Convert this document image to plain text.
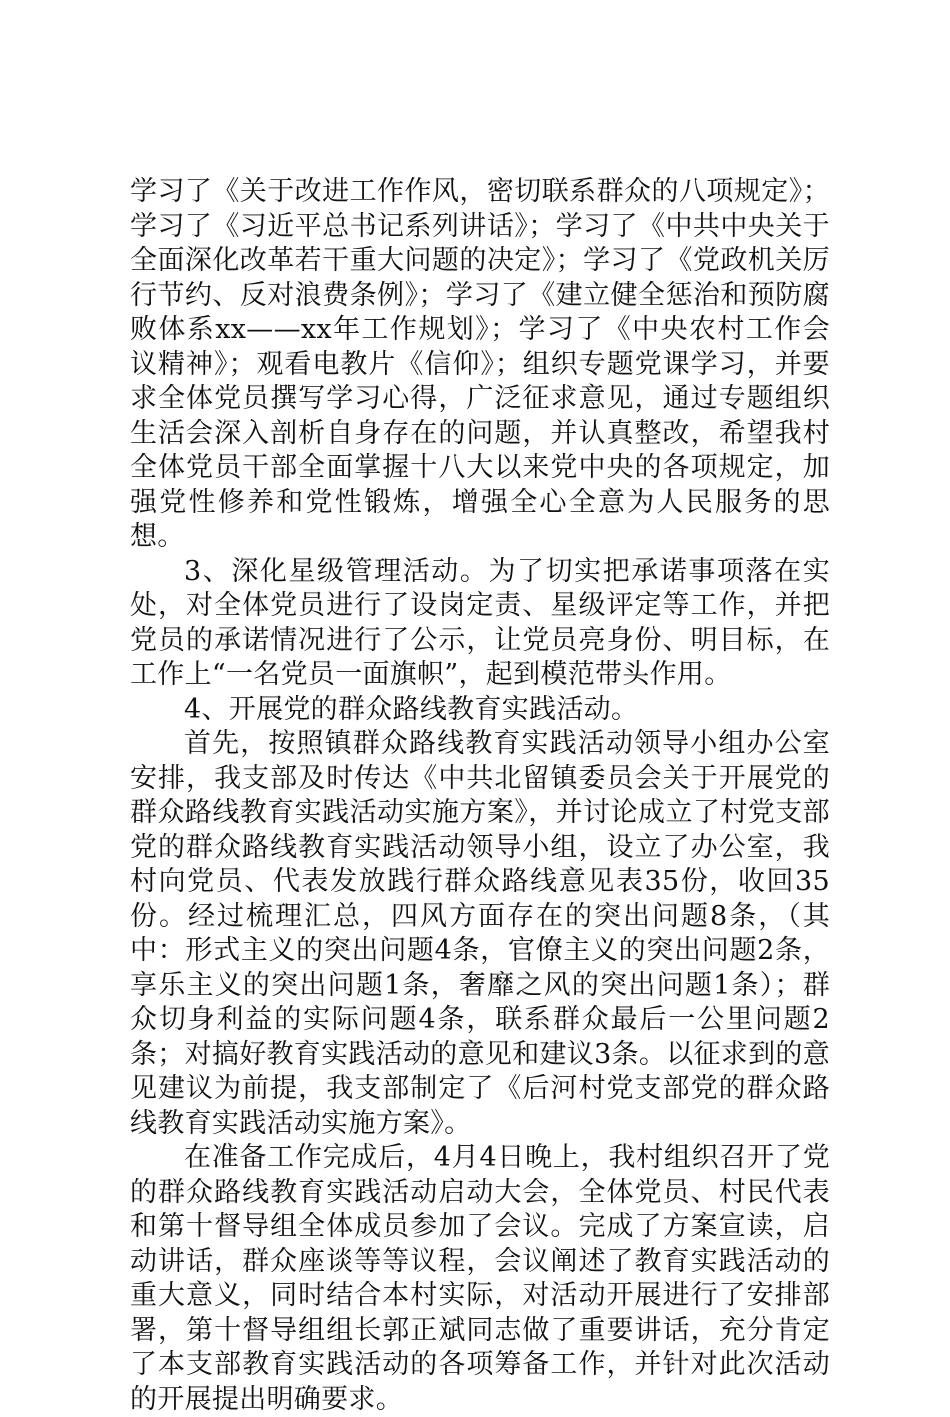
学习了《关于改进工作作风，密切联系群众的八项规定》；学习了《习近平总书记系列讲话》；学习了《中共中央关于全面深化改革若干重大问题的决定》；学习了《党政机关厉行节约、反对浪费条例》；学习了《建立健全惩治和预防腐败体系xx——xx年工作规划》；学习了《中央农村工作会议精神》；观看电教片《信仰》；组织专题党课学习，并要求全体党员撰写学习心得，广泛征求意见，通过专题组织生活会深入剖析自身存在的问题，并认真整改，希望我村全体党员干部全面掌握十八大以来党中央的各项规定，加强党性修养和党性锻炼，增强全心全意为人民服务的思想。

3、深化星级管理活动。为了切实把承诺事项落在实处，对全体党员进行了设岗定责、星级评定等工作，并把党员的承诺情况进行了公示，让党员亮身份、明目标，在工作上“一名党员一面旗帜”，起到模范带头作用。

4、开展党的群众路线教育实践活动。

首先，按照镇群众路线教育实践活动领导小组办公室安排，我支部及时传达《中共北留镇委员会关于开展党的群众路线教育实践活动实施方案》，并讨论成立了村党支部党的群众路线教育实践活动领导小组，设立了办公室，我村向党员、代表发放践行群众路线意见表35份，收回35份。经过梳理汇总，四风方面存在的突出问题8条，（其中：形式主义的突出问题4条，官僚主义的突出问题2条，享乐主义的突出问题1条，奢靡之风的突出问题1条）；群众切身利益的实际问题4条，联系群众最后一公里问题2条；对搞好教育实践活动的意见和建议3条。以征求到的意见建议为前提，我支部制定了《后河村党支部党的群众路线教育实践活动实施方案》。

在准备工作完成后，4月4日晚上，我村组织召开了党的群众路线教育实践活动启动大会，全体党员、村民代表和第十督导组全体成员参加了会议。完成了方案宣读，启动讲话，群众座谈等等议程，会议阐述了教育实践活动的重大意义，同时结合本村实际，对活动开展进行了安排部署，第十督导组组长郭正斌同志做了重要讲话，充分肯定了本支部教育实践活动的各项筹备工作，并针对此次活动的开展提出明确要求。
